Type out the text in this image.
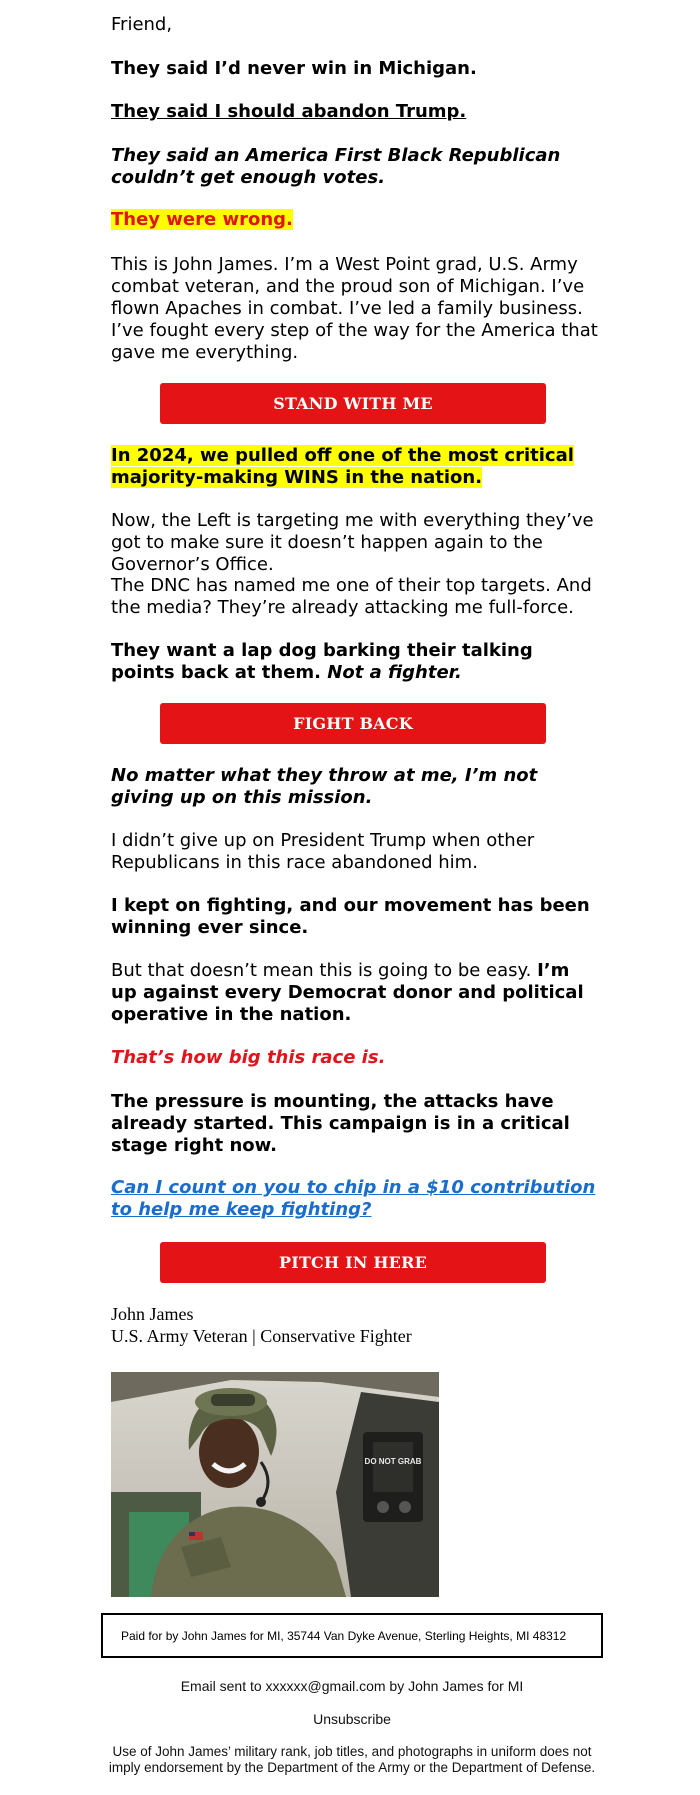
Friend,

They said I’d never win in Michigan.

They said I should abandon Trump.

They said an America First Black Republican couldn’t get enough votes.

They were wrong.

This is John James. I’m a West Point grad, U.S. Army combat veteran, and the proud son of Michigan. I’ve flown Apaches in combat. I’ve led a family business. I’ve fought every step of the way for the America that gave me everything.

STAND WITH ME

In 2024, we pulled off one of the most critical majority-making WINS in the nation.

Now, the Left is targeting me with everything they’ve got to make sure it doesn’t happen again to the Governor’s Office.

The DNC has named me one of their top targets. And the media? They’re already attacking me full-force.

They want a lap dog barking their talking points back at them. Not a fighter.

FIGHT BACK

No matter what they throw at me, I’m not giving up on this mission.

I didn’t give up on President Trump when other Republicans in this race abandoned him.

I kept on fighting, and our movement has been winning ever since.

But that doesn’t mean this is going to be easy. I’m up against every Democrat donor and political operative in the nation.

That’s how big this race is.

The pressure is mounting, the attacks have already started. This campaign is in a critical stage right now.

Can I count on you to chip in a $10 contribution to help me keep fighting?

PITCH IN HERE
John James
U.S. Army Veteran | Conservative Fighter
DO NOT GRAB
Paid for by John James for MI, 35744 Van Dyke Avenue, Sterling Heights, MI 48312
Email sent to xxxxxx@gmail.com by John James for MI
Unsubscribe
Use of John James’ military rank, job titles, and photographs in uniform does not imply endorsement by the Department of the Army or the Department of Defense.
